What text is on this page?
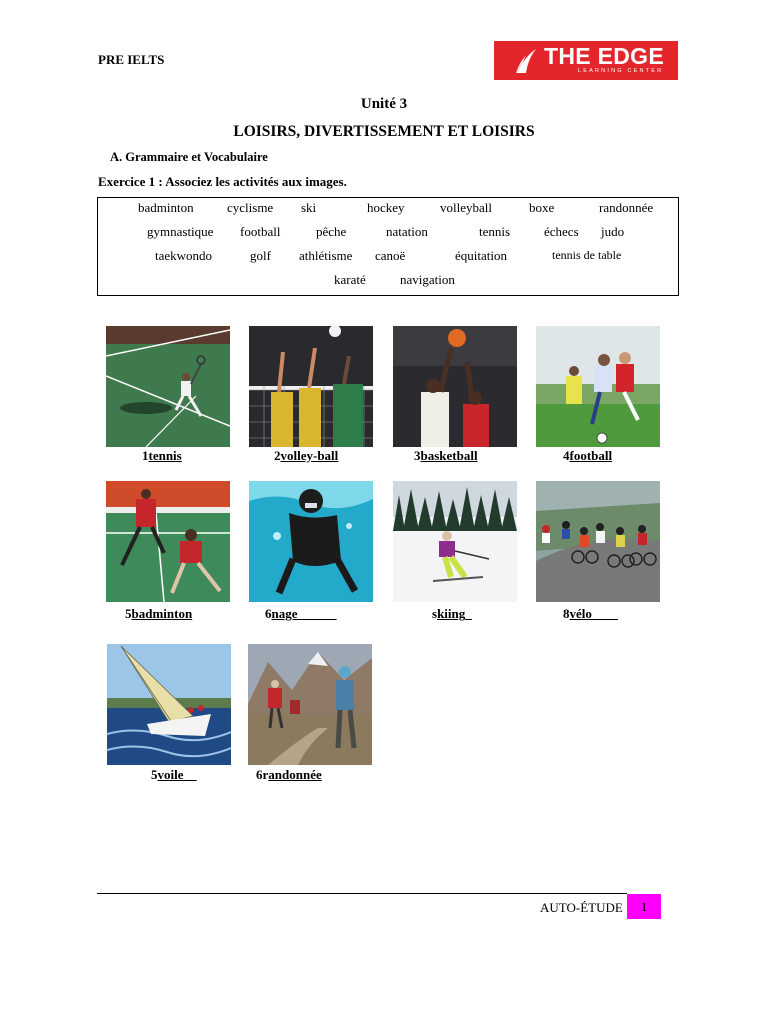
PRE IELTS	THE EDGE
LEARNING CENTER
Unité 3
LOISIRS, DIVERTISSEMENT ET LOISIRS
A. Grammaire et Vocabulaire
Exercice 1 : Associez les activités aux images.
badminton	cyclisme ski	hockey	volleyball	boxe	randonnée
gymnastique football	pêche	natation	tennis	échecs judo
taekwondo	golf athlétisme canoë	équitation	tennis de table
karaté	navigation
1tennis	2volley-ball	3basketball	4football
5badminton	6nage______	skiing_	8vélo____
5voile__	6randonnée
AUTO-ÉTUDE	1
